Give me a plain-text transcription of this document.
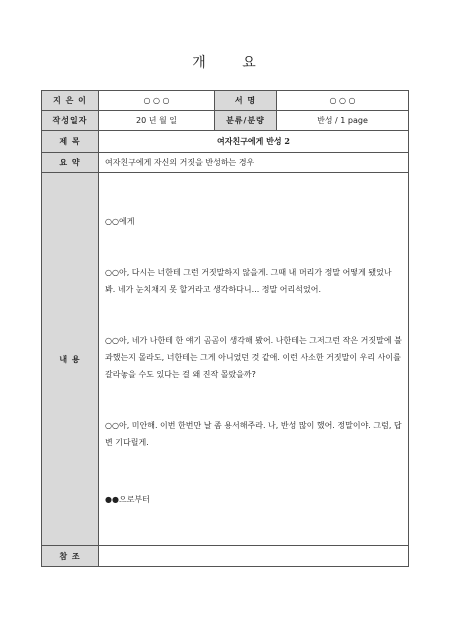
개 요
지 은 이	○ ○ ○	서 명	○ ○ ○
작성일자	20 년 월 일	분류/분량	반성 / 1 page
제 목	여자친구에게 반성 2		
요 약	여자친구에게 자신의 거짓을 반성하는 경우		
내 용	○○에게

○○아, 다시는 너한테 그런 거짓말하지 않을게. 그때 내 머리가 정말 어떻게 됐었나 봐. 네가 눈치채지 못 할거라고 생각하다니... 정말 어리석었어.

○○아, 네가 나한테 한 얘기 곰곰이 생각해 봤어. 나한테는 그저그런 작은 거짓말에 불과했는지 몰라도, 너한테는 그게 아니었던 것 같애. 이런 사소한 거짓말이 우리 사이를 갈라놓을 수도 있다는 걸 왜 진작 몰랐을까?

○○아, 미안해. 이번 한번만 날 좀 용서해주라. 나, 반성 많이 했어. 정말이야. 그럼, 답변 기다릴게.

●●으로부터		

참 조			
